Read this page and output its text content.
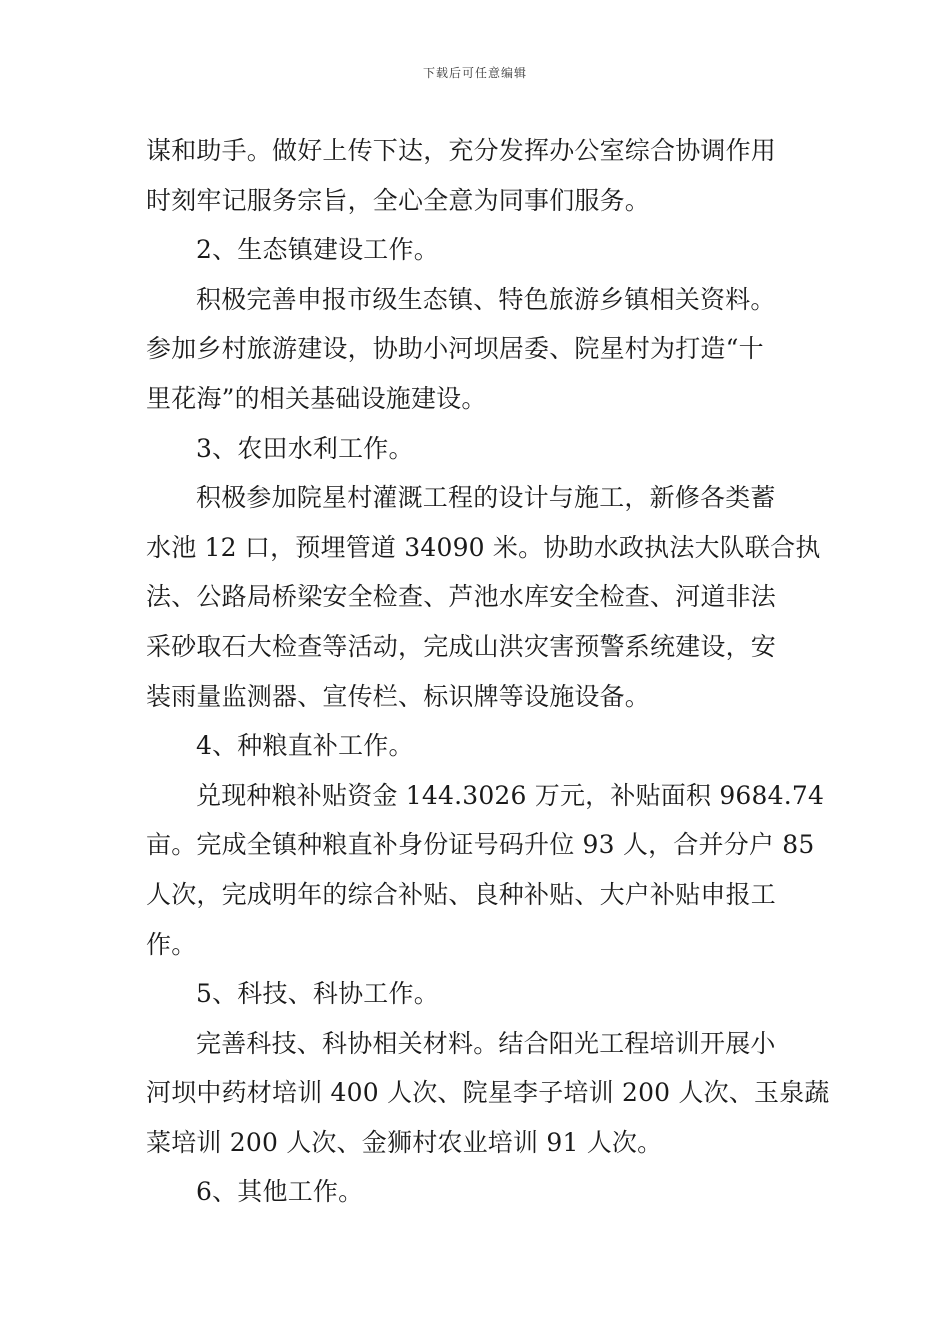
下载后可任意编辑
谋和助手。做好上传下达，充分发挥办公室综合协调作用
时刻牢记服务宗旨，全心全意为同事们服务。
2、生态镇建设工作。
积极完善申报市级生态镇、特色旅游乡镇相关资料。
参加乡村旅游建设，协助小河坝居委、院星村为打造“十
里花海”的相关基础设施建设。
3、农田水利工作。
积极参加院星村灌溉工程的设计与施工，新修各类蓄
水池 12 口，预埋管道 34090 米。协助水政执法大队联合执
法、公路局桥梁安全检查、芦池水库安全检查、河道非法
采砂取石大检查等活动，完成山洪灾害预警系统建设，安
装雨量监测器、宣传栏、标识牌等设施设备。
4、种粮直补工作。
兑现种粮补贴资金 144.3026 万元，补贴面积 9684.74
亩。完成全镇种粮直补身份证号码升位 93 人，合并分户 85
人次，完成明年的综合补贴、良种补贴、大户补贴申报工
作。
5、科技、科协工作。
完善科技、科协相关材料。结合阳光工程培训开展小
河坝中药材培训 400 人次、院星李子培训 200 人次、玉泉蔬
菜培训 200 人次、金狮村农业培训 91 人次。
6、其他工作。
